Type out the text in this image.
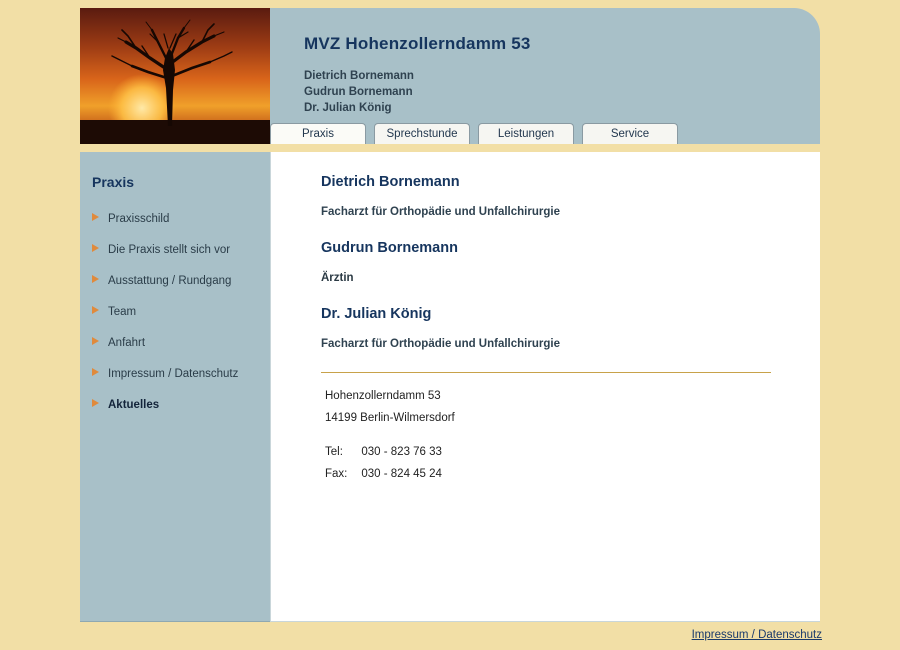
MVZ Hohenzollerndamm 53
Dietrich Bornemann
Gudrun Bornemann
Dr. Julian König
Praxis	Sprechstunde	Leistungen	Service
Praxis
Praxisschild
Die Praxis stellt sich vor
Ausstattung / Rundgang
Team
Anfahrt
Impressum / Datenschutz
Aktuelles
Dietrich Bornemann

Facharzt für Orthopädie und Unfallchirurgie

Gudrun Bornemann

Ärztin

Dr. Julian König

Facharzt für Orthopädie und Unfallchirurgie

Hohenzollerndamm 53
14199 Berlin-Wilmersdorf
Tel:	030 - 823 76 33
Fax:	030 - 824 45 24
Impressum / Datenschutz
